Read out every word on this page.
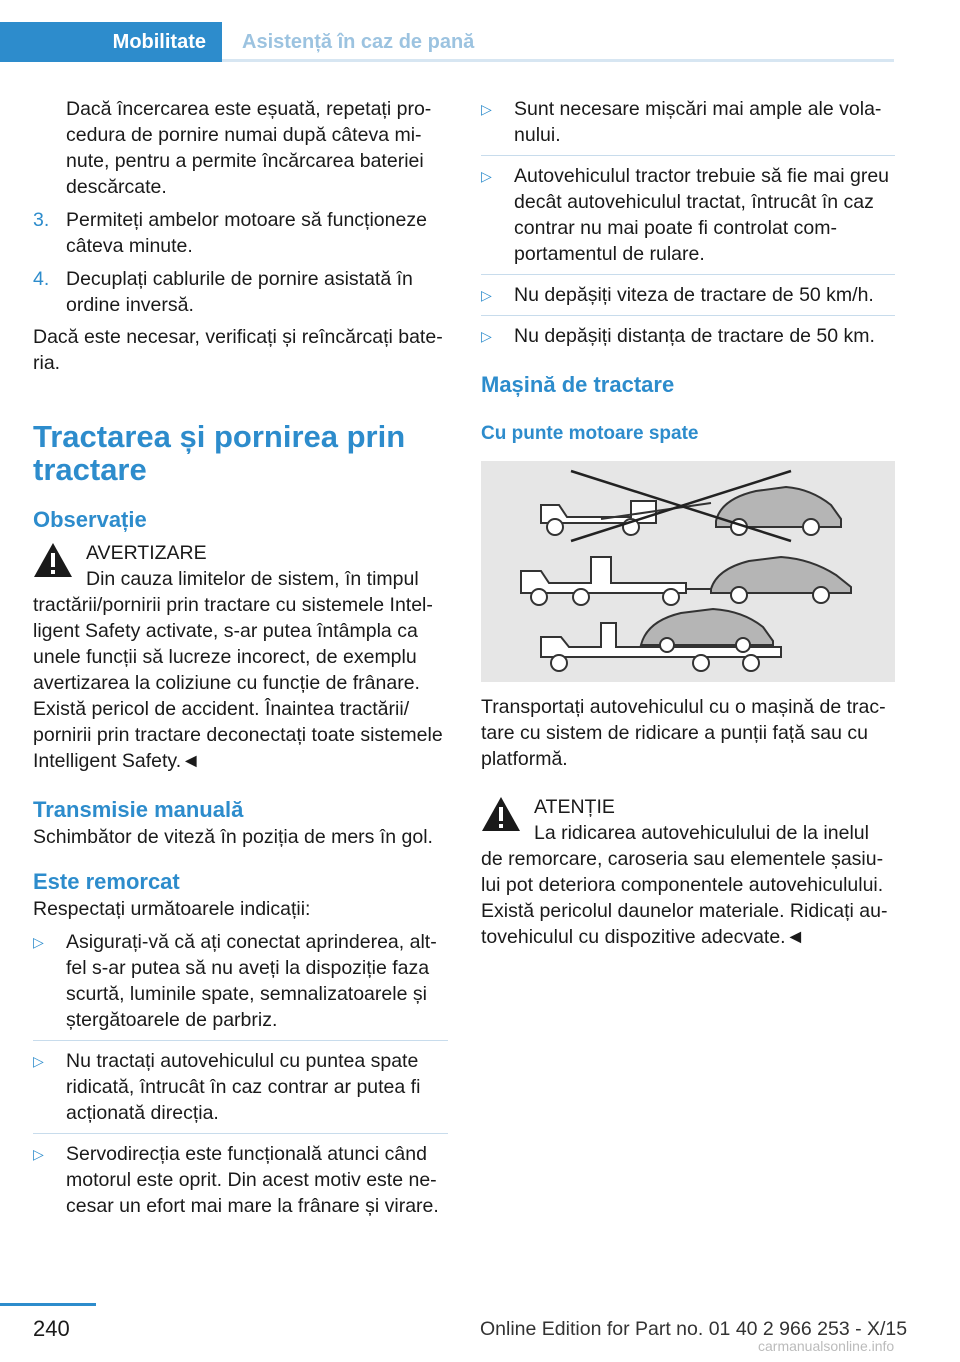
Mobilitate	Asistență în caz de pană

Dacă încercarea este eșuată, repetați procedura de pornire numai după câteva minute, pentru a permite încărcarea bateriei descărcate.

3. Permiteți ambelor motoare să funcționeze câteva minute.
4. Decuplați cablurile de pornire asistată în ordine inversă.

Dacă este necesar, verificați și reîncărcați bateria.

Tractarea și pornirea prin tractare
Observație

AVERTIZARE

Din cauza limitelor de sistem, în timpul tractării/pornirii prin tractare cu sistemele Intelligent Safety activate, s-ar putea întâmpla ca unele funcții să lucreze incorect, de exemplu avertizarea la coliziune cu funcție de frânare. Există pericol de accident. Înaintea tractării/ pornirii prin tractare deconectați toate sistemele Intelligent Safety.◄

Transmisie manuală

Schimbător de viteză în poziția de mers în gol.

Este remorcat

Respectați următoarele indicații:

▷ Asigurați-vă că ați conectat aprinderea, altfel s-ar putea să nu aveți la dispoziție faza scurtă, luminile spate, semnalizatoarele și ștergătoarele de parbriz.
▷ Nu tractați autovehiculul cu puntea spate ridicată, întrucât în caz contrar ar putea fi acționată direcția.
▷ Servodirecția este funcțională atunci când motorul este oprit. Din acest motiv este necesar un efort mai mare la frânare și virare.
▷ Sunt necesare mișcări mai ample ale volanului.
▷ Autovehiculul tractor trebuie să fie mai greu decât autovehiculul tractat, întrucât în caz contrar nu mai poate fi controlat comportamentul de rulare.
▷ Nu depășiți viteza de tractare de 50 km/h.
▷ Nu depășiți distanța de tractare de 50 km.
Mașină de tractare
Cu punte motoare spate

Transportați autovehiculul cu o mașină de tractare cu sistem de ridicare a punții față sau cu platformă.

ATENȚIE

La ridicarea autovehiculului de la inelul de remorcare, caroseria sau elementele șasiului pot deteriora componentele autovehiculului. Există pericolul daunelor materiale. Ridicați autovehiculul cu dispozitive adecvate.◄

240	Online Edition for Part no. 01 40 2 966 253 - X/15
carmanualsonline.info
